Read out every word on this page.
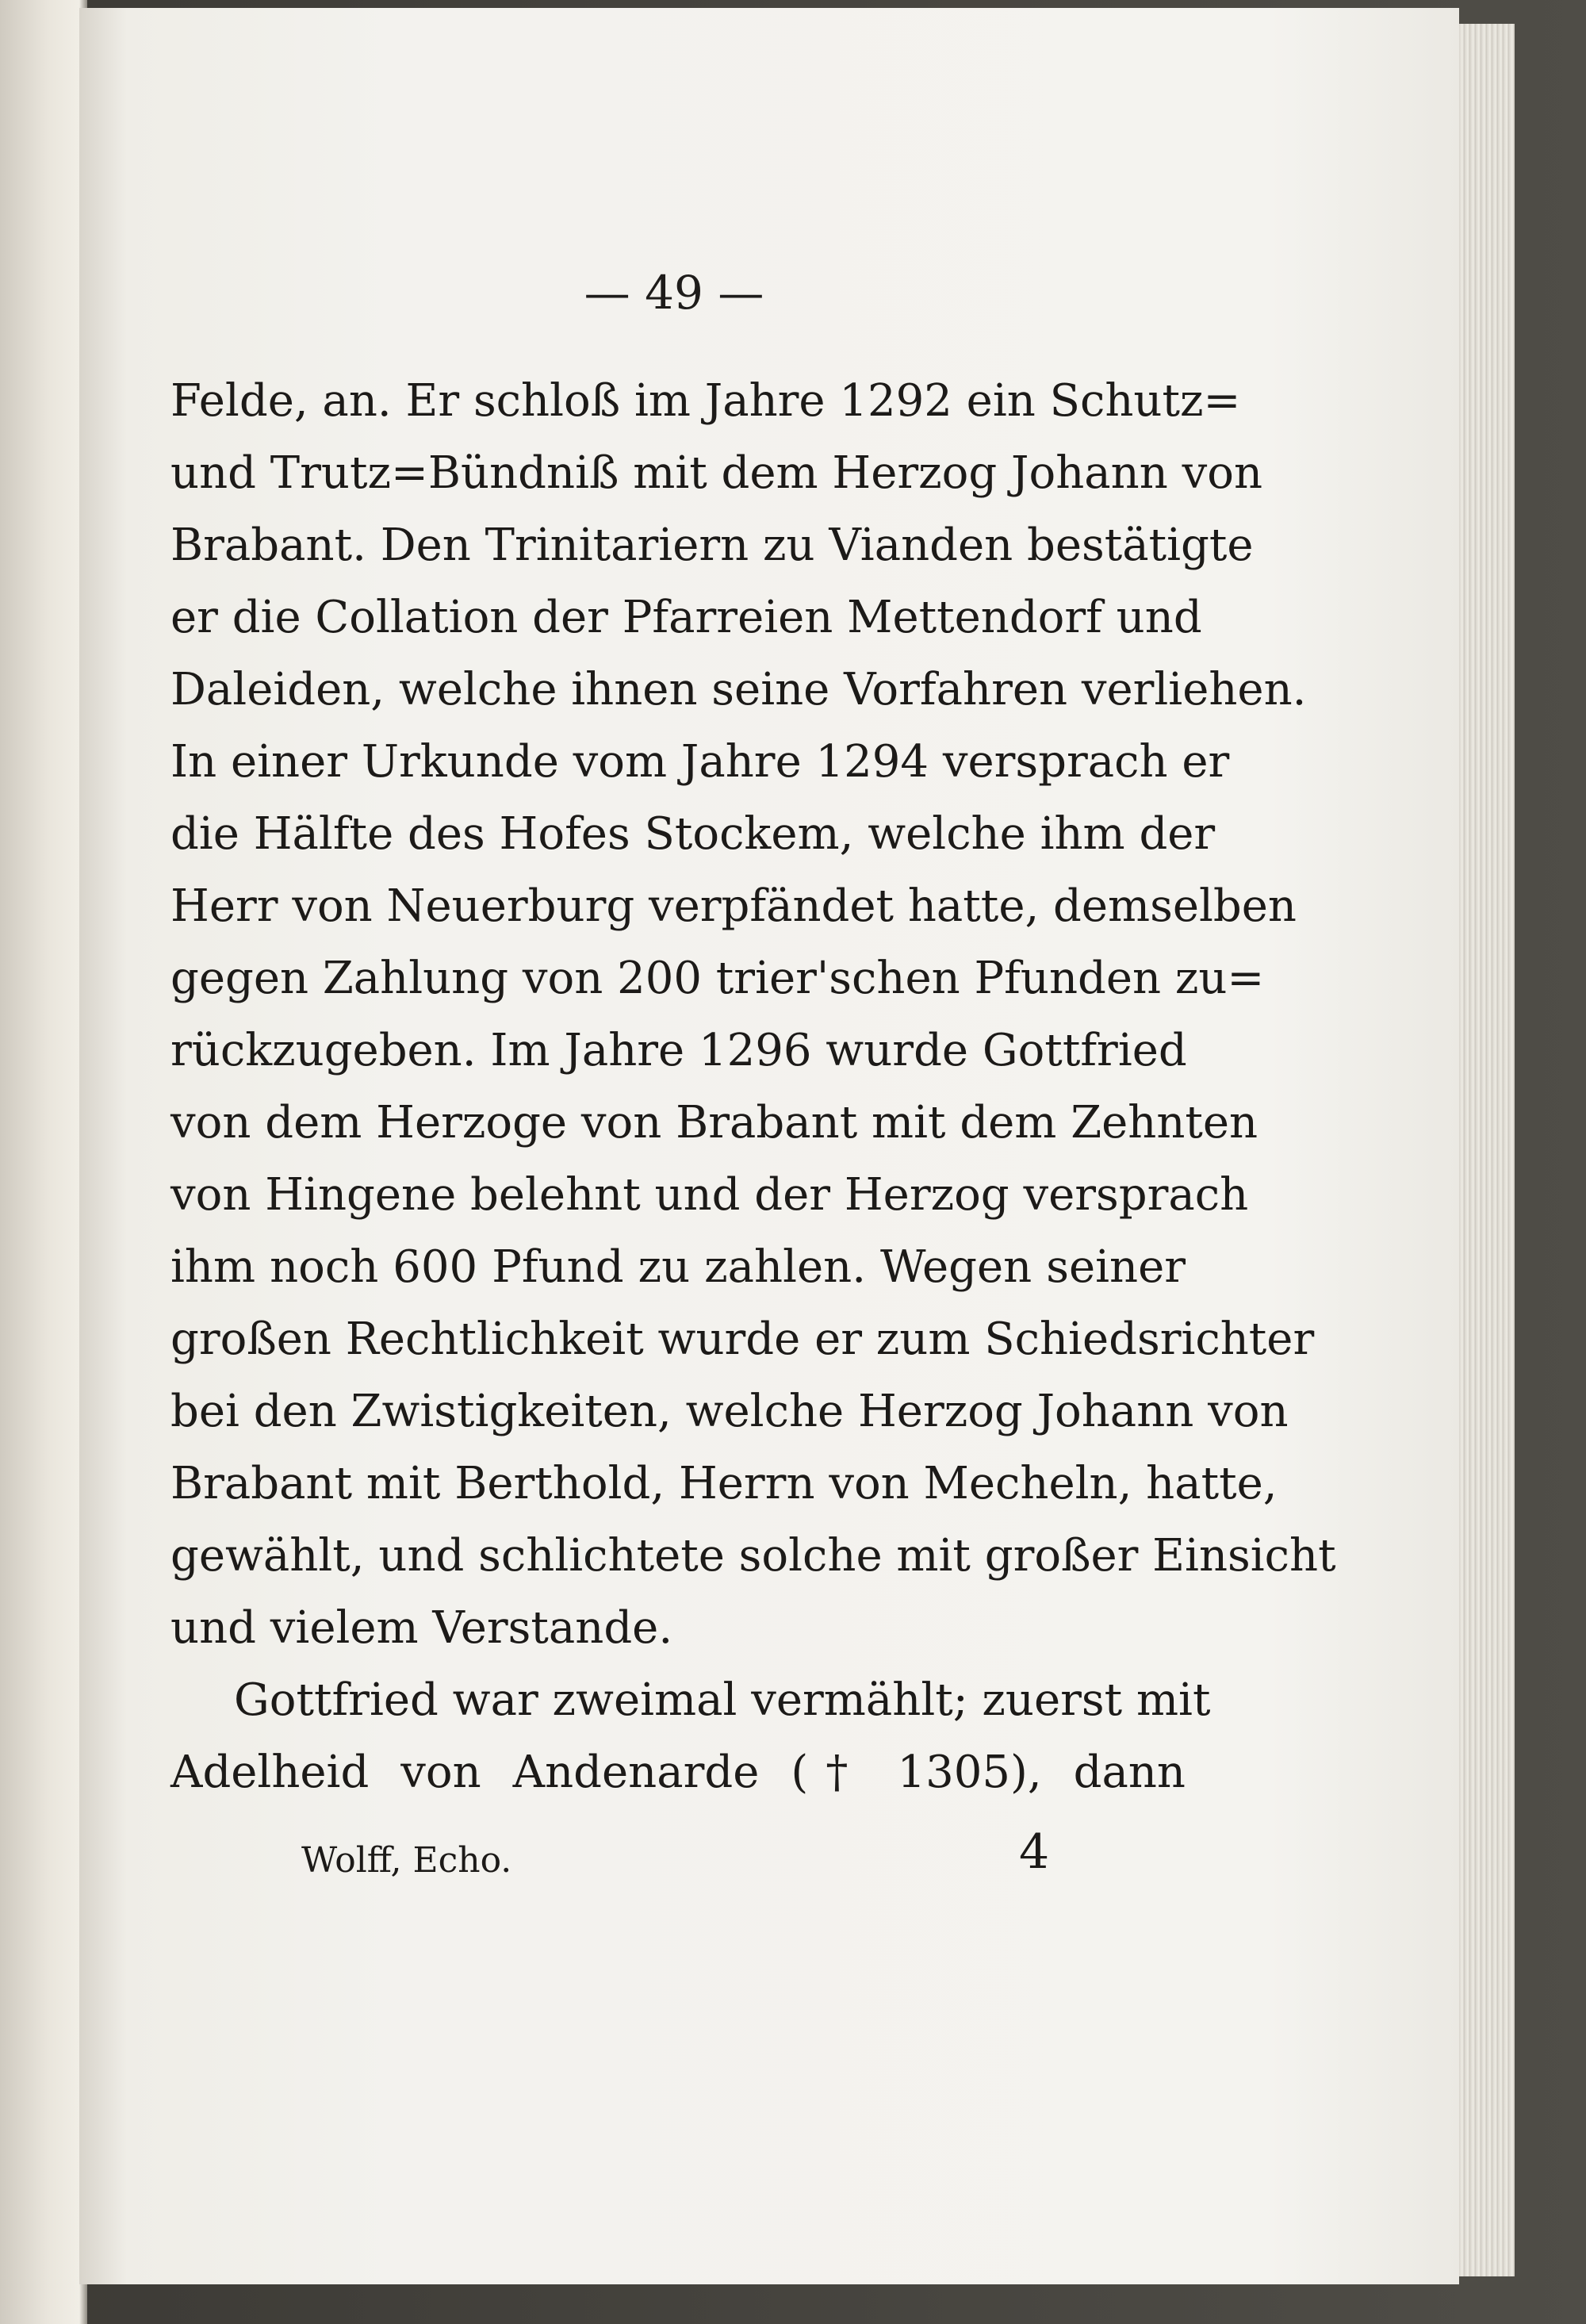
Wolff, Echo.	4
— 49 —
Felde, an. Er schloß im Jahre 1292 ein Schutz=
und Trutz=Bündniß mit dem Herzog Johann von
Brabant. Den Trinitariern zu Vianden bestätigte
er die Collation der Pfarreien Mettendorf und
Daleiden, welche ihnen seine Vorfahren verliehen.
In einer Urkunde vom Jahre 1294 versprach er
die Hälfte des Hofes Stockem, welche ihm der
Herr von Neuerburg verpfändet hatte, demselben
gegen Zahlung von 200 trier'schen Pfunden zu=
rückzugeben. Im Jahre 1296 wurde Gottfried
von dem Herzoge von Brabant mit dem Zehnten
von Hingene belehnt und der Herzog versprach
ihm noch 600 Pfund zu zahlen. Wegen seiner
großen Rechtlichkeit wurde er zum Schiedsrichter
bei den Zwistigkeiten, welche Herzog Johann von
Brabant mit Berthold, Herrn von Mecheln, hatte,
gewählt, und schlichtete solche mit großer Einsicht
und vielem Verstande.
Gottfried war zweimal vermählt; zuerst mit
Adelheid von Andenarde († 1305), dann
